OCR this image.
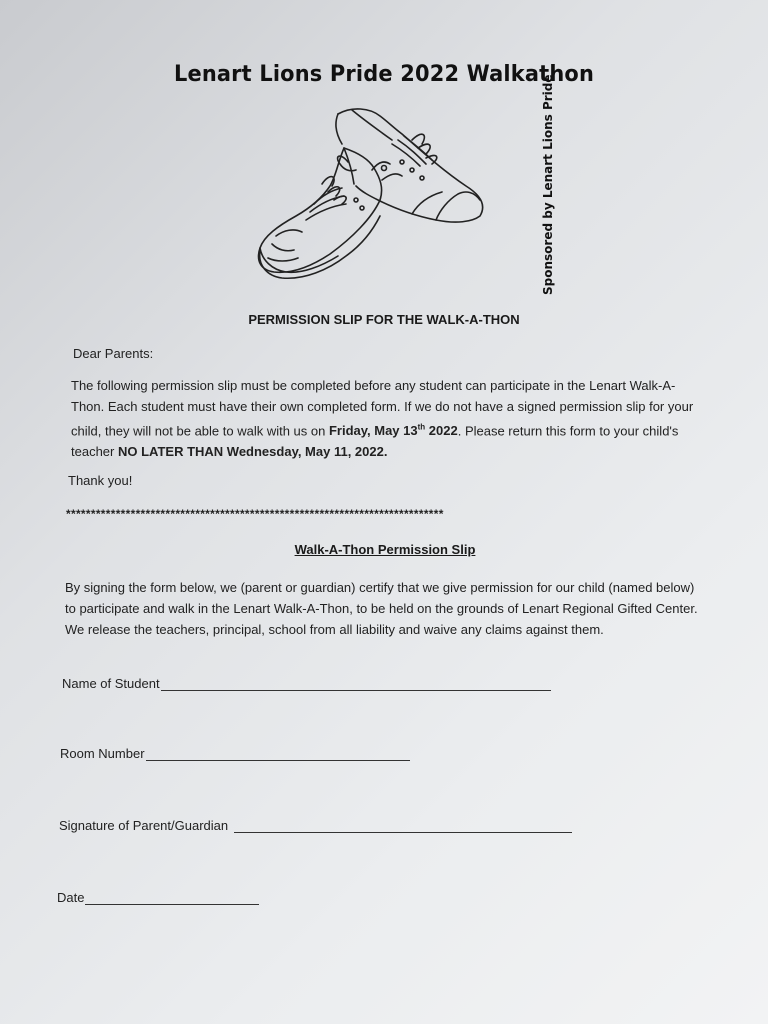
Lenart Lions Pride 2022 Walkathon
Sponsored by Lenart Lions Pride
PERMISSION SLIP FOR THE WALK-A-THON
Dear Parents:
The following permission slip must be completed before any student can participate in the Lenart Walk-A-Thon. Each student must have their own completed form. If we do not have a signed permission slip for your child, they will not be able to walk with us on Friday, May 13th 2022. Please return this form to your child's teacher NO LATER THAN Wednesday, May 11, 2022.
Thank you!
****************************************************************************
Walk-A-Thon Permission Slip
By signing the form below, we (parent or guardian) certify that we give permission for our child (named below) to participate and walk in the Lenart Walk-A-Thon, to be held on the grounds of Lenart Regional Gifted Center. We release the teachers, principal, school from all liability and waive any claims against them.
Name of Student
Room Number
Signature of Parent/Guardian
Date
